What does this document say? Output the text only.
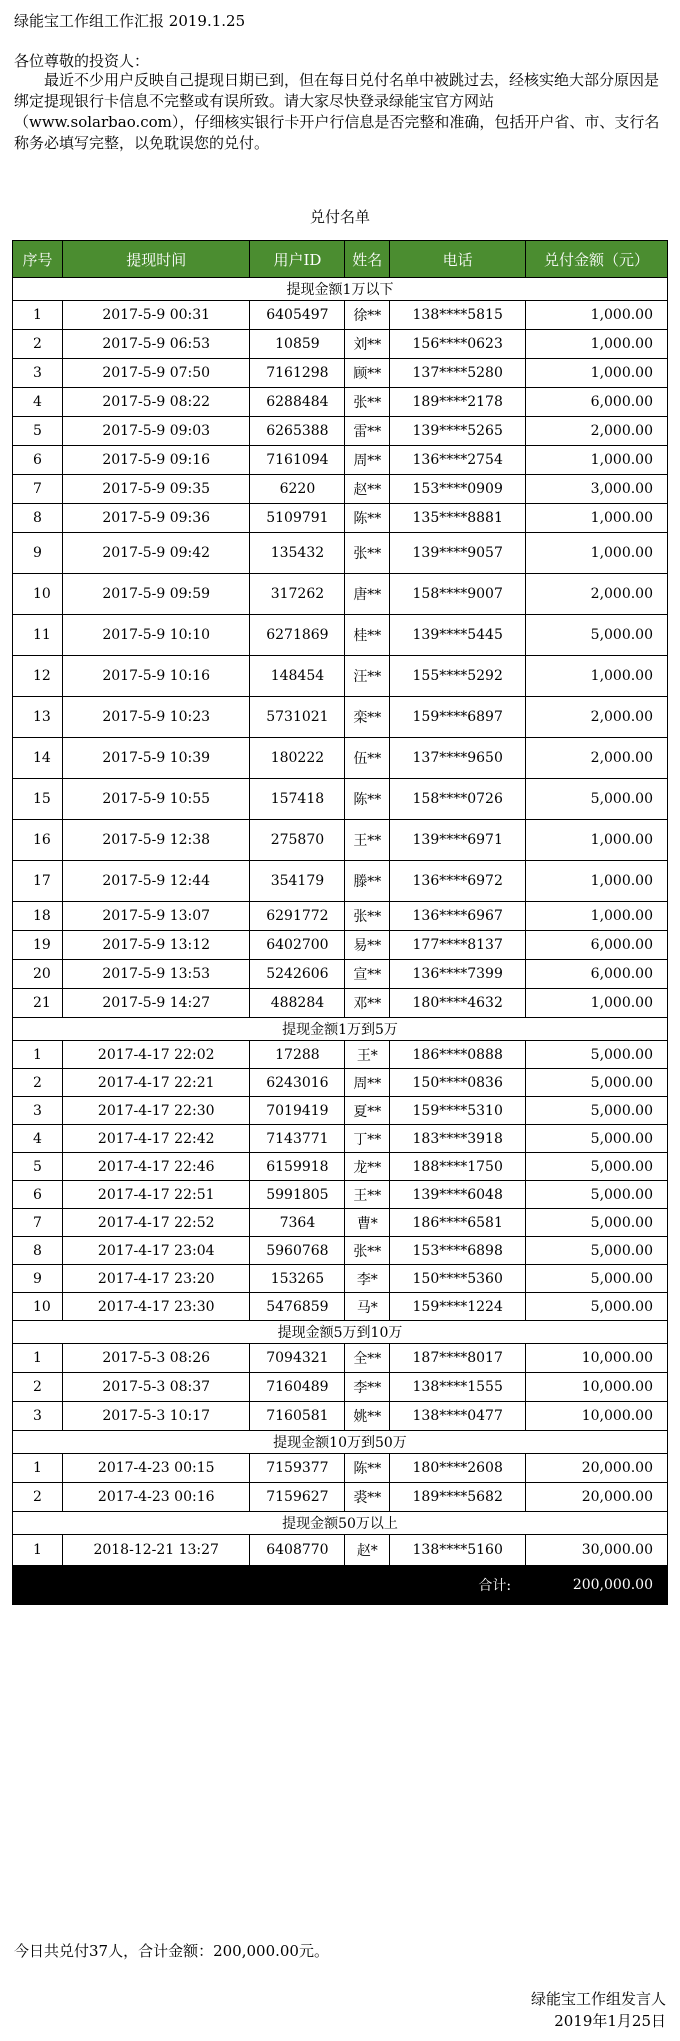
绿能宝工作组工作汇报 2019.1.25
各位尊敬的投资人：
最近不少用户反映自己提现日期已到，但在每日兑付名单中被跳过去，经核实绝大部分原因是绑定提现银行卡信息不完整或有误所致。请大家尽快登录绿能宝官方网站（www.solarbao.com），仔细核实银行卡开户行信息是否完整和准确，包括开户省、市、支行名称务必填写完整，以免耽误您的兑付。
兑付名单
序号	提现时间	用户ID	姓名	电话	兑付金额（元）
提现金额1万以下					
1	2017-5-9 00:31	6405497	徐**	138****5815	1,000.00
2	2017-5-9 06:53	10859	刘**	156****0623	1,000.00
3	2017-5-9 07:50	7161298	顾**	137****5280	1,000.00
4	2017-5-9 08:22	6288484	张**	189****2178	6,000.00
5	2017-5-9 09:03	6265388	雷**	139****5265	2,000.00
6	2017-5-9 09:16	7161094	周**	136****2754	1,000.00
7	2017-5-9 09:35	6220	赵**	153****0909	3,000.00
8	2017-5-9 09:36	5109791	陈**	135****8881	1,000.00
9	2017-5-9 09:42	135432	张**	139****9057	1,000.00
10	2017-5-9 09:59	317262	唐**	158****9007	2,000.00
11	2017-5-9 10:10	6271869	桂**	139****5445	5,000.00
12	2017-5-9 10:16	148454	汪**	155****5292	1,000.00
13	2017-5-9 10:23	5731021	栾**	159****6897	2,000.00
14	2017-5-9 10:39	180222	伍**	137****9650	2,000.00
15	2017-5-9 10:55	157418	陈**	158****0726	5,000.00
16	2017-5-9 12:38	275870	王**	139****6971	1,000.00
17	2017-5-9 12:44	354179	滕**	136****6972	1,000.00
18	2017-5-9 13:07	6291772	张**	136****6967	1,000.00
19	2017-5-9 13:12	6402700	易**	177****8137	6,000.00
20	2017-5-9 13:53	5242606	宣**	136****7399	6,000.00
21	2017-5-9 14:27	488284	邓**	180****4632	1,000.00
提现金额1万到5万					
1	2017-4-17 22:02	17288	王*	186****0888	5,000.00
2	2017-4-17 22:21	6243016	周**	150****0836	5,000.00
3	2017-4-17 22:30	7019419	夏**	159****5310	5,000.00
4	2017-4-17 22:42	7143771	丁**	183****3918	5,000.00
5	2017-4-17 22:46	6159918	龙**	188****1750	5,000.00
6	2017-4-17 22:51	5991805	王**	139****6048	5,000.00
7	2017-4-17 22:52	7364	曹*	186****6581	5,000.00
8	2017-4-17 23:04	5960768	张**	153****6898	5,000.00
9	2017-4-17 23:20	153265	李*	150****5360	5,000.00
10	2017-4-17 23:30	5476859	马*	159****1224	5,000.00
提现金额5万到10万					
1	2017-5-3 08:26	7094321	全**	187****8017	10,000.00
2	2017-5-3 08:37	7160489	李**	138****1555	10,000.00
3	2017-5-3 10:17	7160581	姚**	138****0477	10,000.00
提现金额10万到50万					
1	2017-4-23 00:15	7159377	陈**	180****2608	20,000.00
2	2017-4-23 00:16	7159627	裘**	189****5682	20,000.00
提现金额50万以上					
1	2018-12-21 13:27	6408770	赵*	138****5160	30,000.00
合计:					200,000.00
今日共兑付37人，合计金额：200,000.00元。
绿能宝工作组发言人
2019年1月25日
